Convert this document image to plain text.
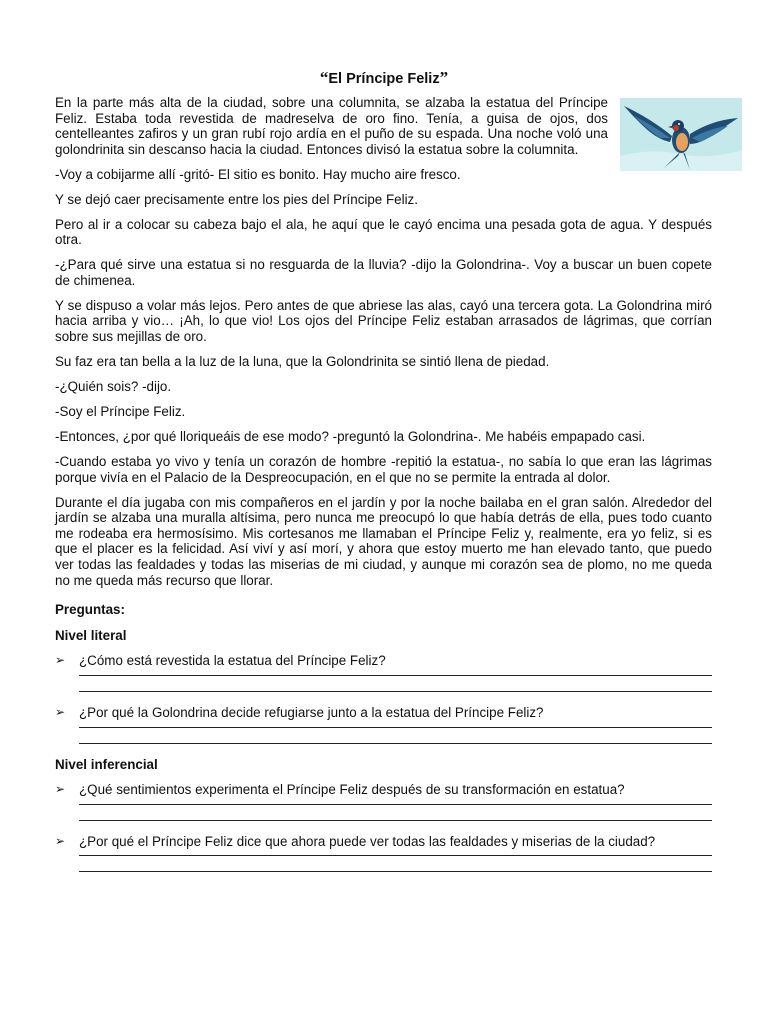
“El Príncipe Feliz”

En la parte más alta de la ciudad, sobre una columnita, se alzaba la estatua del Príncipe Feliz. Estaba toda revestida de madreselva de oro fino. Tenía, a guisa de ojos, dos centelleantes zafiros y un gran rubí rojo ardía en el puño de su espada. Una noche voló una golondrinita sin descanso hacia la ciudad. Entonces divisó la estatua sobre la columnita.

-Voy a cobijarme allí -gritó- El sitio es bonito. Hay mucho aire fresco.

Y se dejó caer precisamente entre los pies del Príncipe Feliz.

Pero al ir a colocar su cabeza bajo el ala, he aquí que le cayó encima una pesada gota de agua. Y después otra.

-¿Para qué sirve una estatua si no resguarda de la lluvia? -dijo la Golondrina-. Voy a buscar un buen copete de chimenea.

Y se dispuso a volar más lejos. Pero antes de que abriese las alas, cayó una tercera gota. La Golondrina miró hacia arriba y vio… ¡Ah, lo que vio! Los ojos del Príncipe Feliz estaban arrasados de lágrimas, que corrían sobre sus mejillas de oro.

Su faz era tan bella a la luz de la luna, que la Golondrinita se sintió llena de piedad.

-¿Quién sois? -dijo.

-Soy el Príncipe Feliz.

-Entonces, ¿por qué lloriqueáis de ese modo? -preguntó la Golondrina-. Me habéis empapado casi.

-Cuando estaba yo vivo y tenía un corazón de hombre -repitió la estatua-, no sabía lo que eran las lágrimas porque vivía en el Palacio de la Despreocupación, en el que no se permite la entrada al dolor.

Durante el día jugaba con mis compañeros en el jardín y por la noche bailaba en el gran salón. Alrededor del jardín se alzaba una muralla altísima, pero nunca me preocupó lo que había detrás de ella, pues todo cuanto me rodeaba era hermosísimo. Mis cortesanos me llamaban el Príncipe Feliz y, realmente, era yo feliz, si es que el placer es la felicidad. Así viví y así morí, y ahora que estoy muerto me han elevado tanto, que puedo ver todas las fealdades y todas las miserias de mi ciudad, y aunque mi corazón sea de plomo, no me queda no me queda más recurso que llorar.

Preguntas:

Nivel literal

➢	¿Cómo está revestida la estatua del Príncipe Feliz?
➢	¿Por qué la Golondrina decide refugiarse junto a la estatua del Príncipe Feliz?

Nivel inferencial

➢	¿Qué sentimientos experimenta el Príncipe Feliz después de su transformación en estatua?
➢	¿Por qué el Príncipe Feliz dice que ahora puede ver todas las fealdades y miserias de la ciudad?
